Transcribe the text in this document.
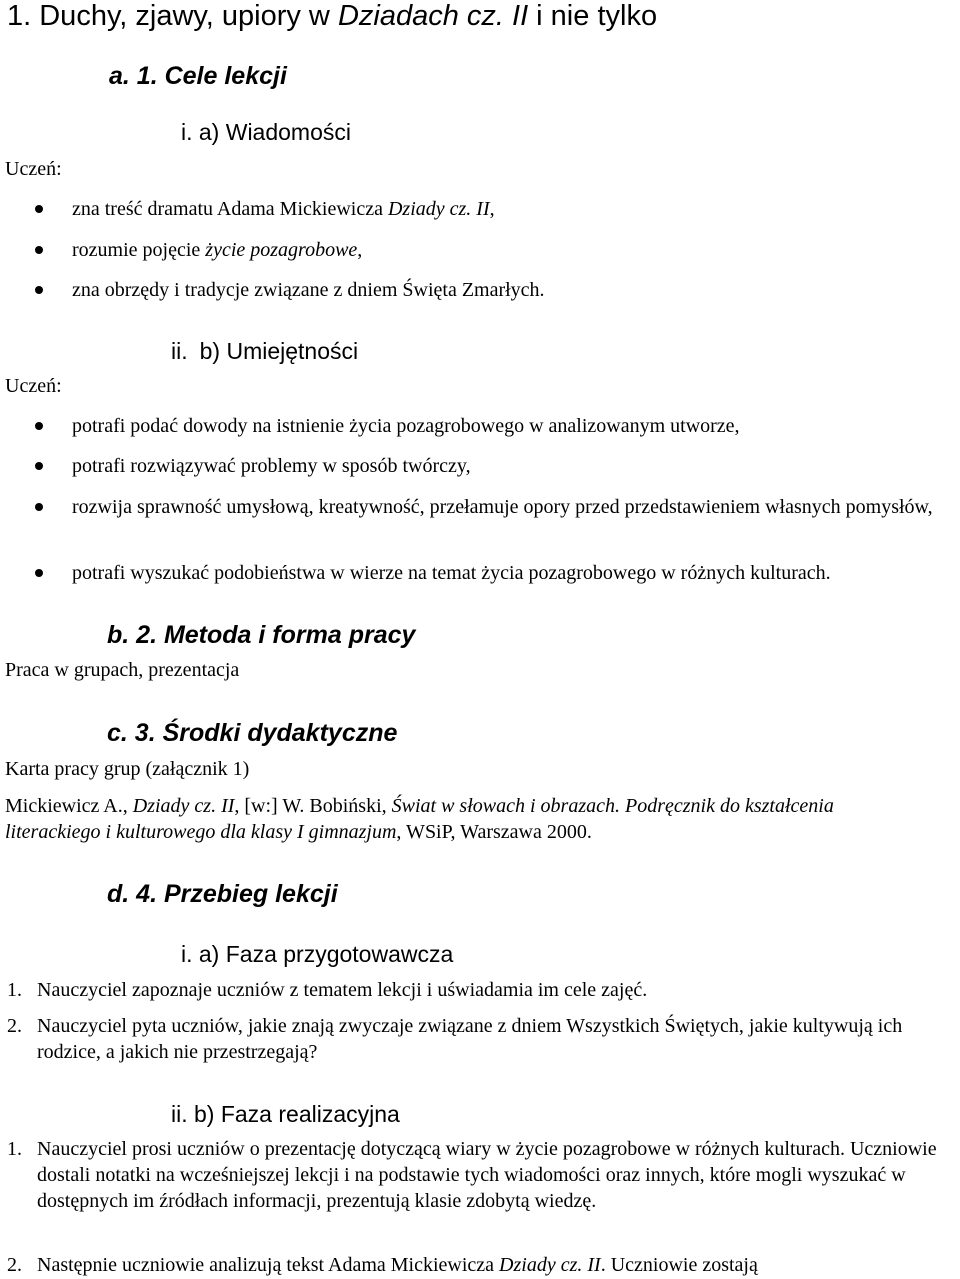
1. Duchy, zjawy, upiory w Dziadach cz. II i nie tylko
a. 1. Cele lekcji
i. a) Wiadomości
Uczeń:
zna treść dramatu Adama Mickiewicza Dziady cz. II,
rozumie pojęcie życie pozagrobowe,
zna obrzędy i tradycje związane z dniem Święta Zmarłych.
ii. b) Umiejętności
Uczeń:
potrafi podać dowody na istnienie życia pozagrobowego w analizowanym utworze,
potrafi rozwiązywać problemy w sposób twórczy,
rozwija sprawność umysłową, kreatywność, przełamuje opory przed przedstawieniem własnych pomysłów,
potrafi wyszukać podobieństwa w wierze na temat życia pozagrobowego w różnych kulturach.
b. 2. Metoda i forma pracy
Praca w grupach, prezentacja
c. 3. Środki dydaktyczne
Karta pracy grup (załącznik 1)
Mickiewicz A., Dziady cz. II, [w:] W. Bobiński, Świat w słowach i obrazach. Podręcznik do kształcenia literackiego i kulturowego dla klasy I gimnazjum, WSiP, Warszawa 2000.
d. 4. Przebieg lekcji
i. a) Faza przygotowawcza
1. Nauczyciel zapoznaje uczniów z tematem lekcji i uświadamia im cele zajęć.
2. Nauczyciel pyta uczniów, jakie znają zwyczaje związane z dniem Wszystkich Świętych, jakie kultywują ich rodzice, a jakich nie przestrzegają?
ii. b) Faza realizacyjna
1. Nauczyciel prosi uczniów o prezentację dotyczącą wiary w życie pozagrobowe w różnych kulturach. Uczniowie dostali notatki na wcześniejszej lekcji i na podstawie tych wiadomości oraz innych, które mogli wyszukać w dostępnych im źródłach informacji, prezentują klasie zdobytą wiedzę.
2. Następnie uczniowie analizują tekst Adama Mickiewicza Dziady cz. II. Uczniowie zostają
